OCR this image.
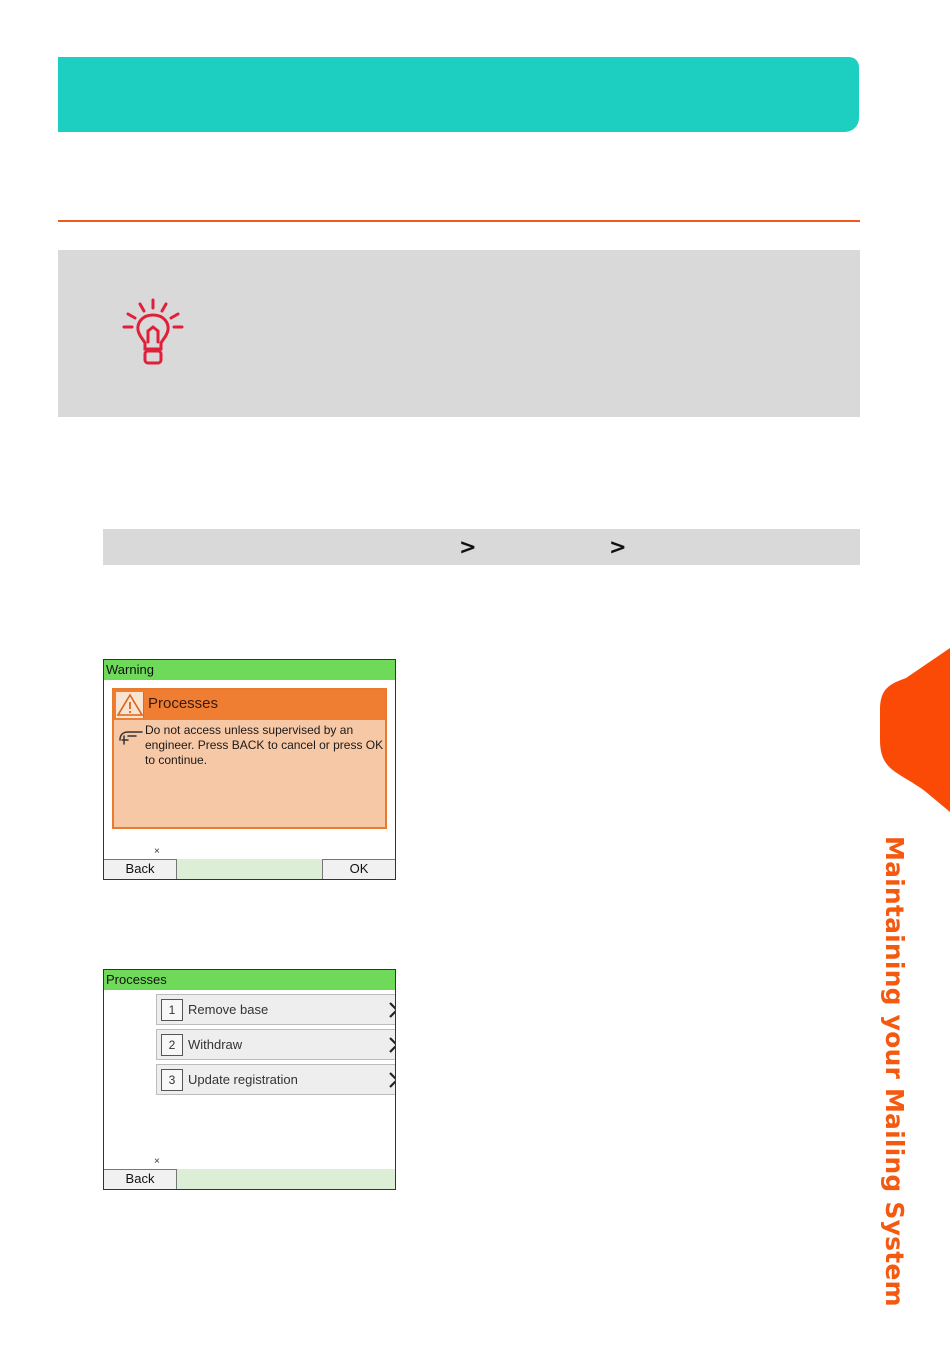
>	>
Warning
Processes
Do not access unless supervised by an engineer. Press BACK to cancel or press OK to continue.
×
Back	OK
Processes
1 Remove base
2 Withdraw
3 Update registration
×
Back	Maintaining your Mailing System
